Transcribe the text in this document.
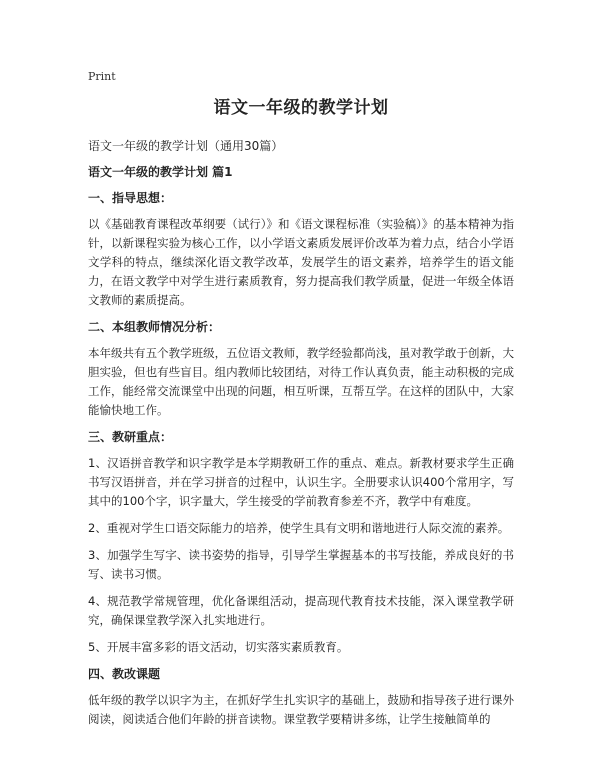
Print
语文一年级的教学计划
语文一年级的教学计划（通用30篇）
语文一年级的教学计划 篇1
一、指导思想：

以《基础教育课程改革纲要（试行）》和《语文课程标准（实验稿）》的基本精神为指针，以新课程实验为核心工作，以小学语文素质发展评价改革为着力点，结合小学语文学科的特点，继续深化语文教学改革，发展学生的语文素养，培养学生的语文能力，在语文教学中对学生进行素质教育，努力提高我们教学质量，促进一年级全体语文教师的素质提高。

二、本组教师情况分析：

本年级共有五个教学班级，五位语文教师，教学经验都尚浅，虽对教学敢于创新，大胆实验，但也有些盲目。组内教师比较团结，对待工作认真负责，能主动积极的完成工作，能经常交流课堂中出现的问题，相互听课，互帮互学。在这样的团队中，大家能愉快地工作。

三、教研重点：

1、汉语拼音教学和识字教学是本学期教研工作的重点、难点。新教材要求学生正确书写汉语拼音，并在学习拼音的过程中，认识生字。全册要求认识400个常用字，写其中的100个字，识字量大，学生接受的学前教育参差不齐，教学中有难度。

2、重视对学生口语交际能力的培养，使学生具有文明和谐地进行人际交流的素养。

3、加强学生写字、读书姿势的指导，引导学生掌握基本的书写技能，养成良好的书写、读书习惯。

4、规范教学常规管理，优化备课组活动，提高现代教育技术技能，深入课堂教学研究，确保课堂教学深入扎实地进行。

5、开展丰富多彩的语文活动，切实落实素质教育。

四、教改课题

低年级的教学以识字为主，在抓好学生扎实识字的基础上，鼓励和指导孩子进行课外阅读，阅读适合他们年龄的拼音读物。课堂教学要精讲多练，让学生接触简单的
